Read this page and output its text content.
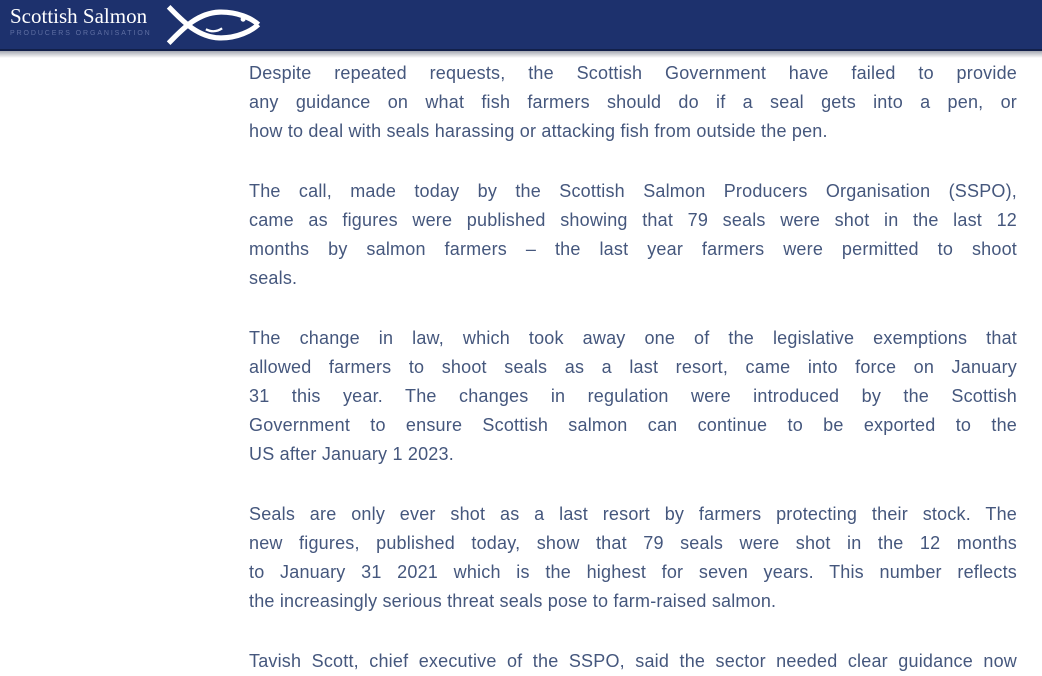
Scottish Salmon
PRODUCERS ORGANISATION
Despite repeated requests, the Scottish Government have failed to provide
any guidance on what fish farmers should do if a seal gets into a pen, or
how to deal with seals harassing or attacking fish from outside the pen.
The call, made today by the Scottish Salmon Producers Organisation (SSPO),
came as figures were published showing that 79 seals were shot in the last 12
months by salmon farmers – the last year farmers were permitted to shoot
seals.
The change in law, which took away one of the legislative exemptions that
allowed farmers to shoot seals as a last resort, came into force on January
31 this year. The changes in regulation were introduced by the Scottish
Government to ensure Scottish salmon can continue to be exported to the
US after January 1 2023.
Seals are only ever shot as a last resort by farmers protecting their stock. The
new figures, published today, show that 79 seals were shot in the 12 months
to January 31 2021 which is the highest for seven years. This number reflects
the increasingly serious threat seals pose to farm-raised salmon.
Tavish Scott, chief executive of the SSPO, said the sector needed clear guidance now
